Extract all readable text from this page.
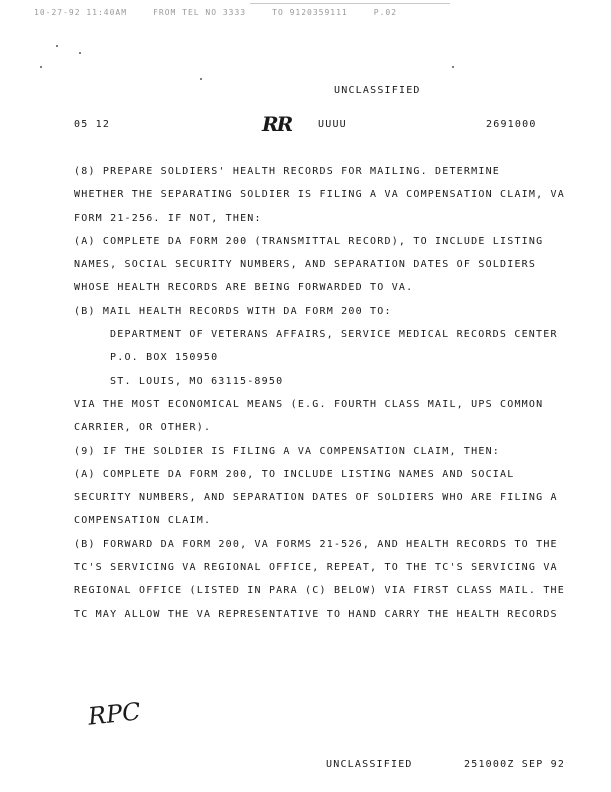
10-27-92 11:40AM	FROM TEL NO 3333	TO 9120359111	P.02
UNCLASSIFIED
05 12	RR	UUUU	2691000
(8) PREPARE SOLDIERS' HEALTH RECORDS FOR MAILING. DETERMINE
WHETHER THE SEPARATING SOLDIER IS FILING A VA COMPENSATION CLAIM, VA
FORM 21-256. IF NOT, THEN:
(A) COMPLETE DA FORM 200 (TRANSMITTAL RECORD), TO INCLUDE LISTING
NAMES, SOCIAL SECURITY NUMBERS, AND SEPARATION DATES OF SOLDIERS
WHOSE HEALTH RECORDS ARE BEING FORWARDED TO VA.
(B) MAIL HEALTH RECORDS WITH DA FORM 200 TO:
DEPARTMENT OF VETERANS AFFAIRS, SERVICE MEDICAL RECORDS CENTER
P.O. BOX 150950
ST. LOUIS, MO 63115-8950
VIA THE MOST ECONOMICAL MEANS (E.G. FOURTH CLASS MAIL, UPS COMMON
CARRIER, OR OTHER).
(9) IF THE SOLDIER IS FILING A VA COMPENSATION CLAIM, THEN:
(A) COMPLETE DA FORM 200, TO INCLUDE LISTING NAMES AND SOCIAL
SECURITY NUMBERS, AND SEPARATION DATES OF SOLDIERS WHO ARE FILING A
COMPENSATION CLAIM.
(B) FORWARD DA FORM 200, VA FORMS 21-526, AND HEALTH RECORDS TO THE
TC'S SERVICING VA REGIONAL OFFICE, REPEAT, TO THE TC'S SERVICING VA
REGIONAL OFFICE (LISTED IN PARA (C) BELOW) VIA FIRST CLASS MAIL. THE
TC MAY ALLOW THE VA REPRESENTATIVE TO HAND CARRY THE HEALTH RECORDS
RPC
UNCLASSIFIED	251000Z SEP 92
